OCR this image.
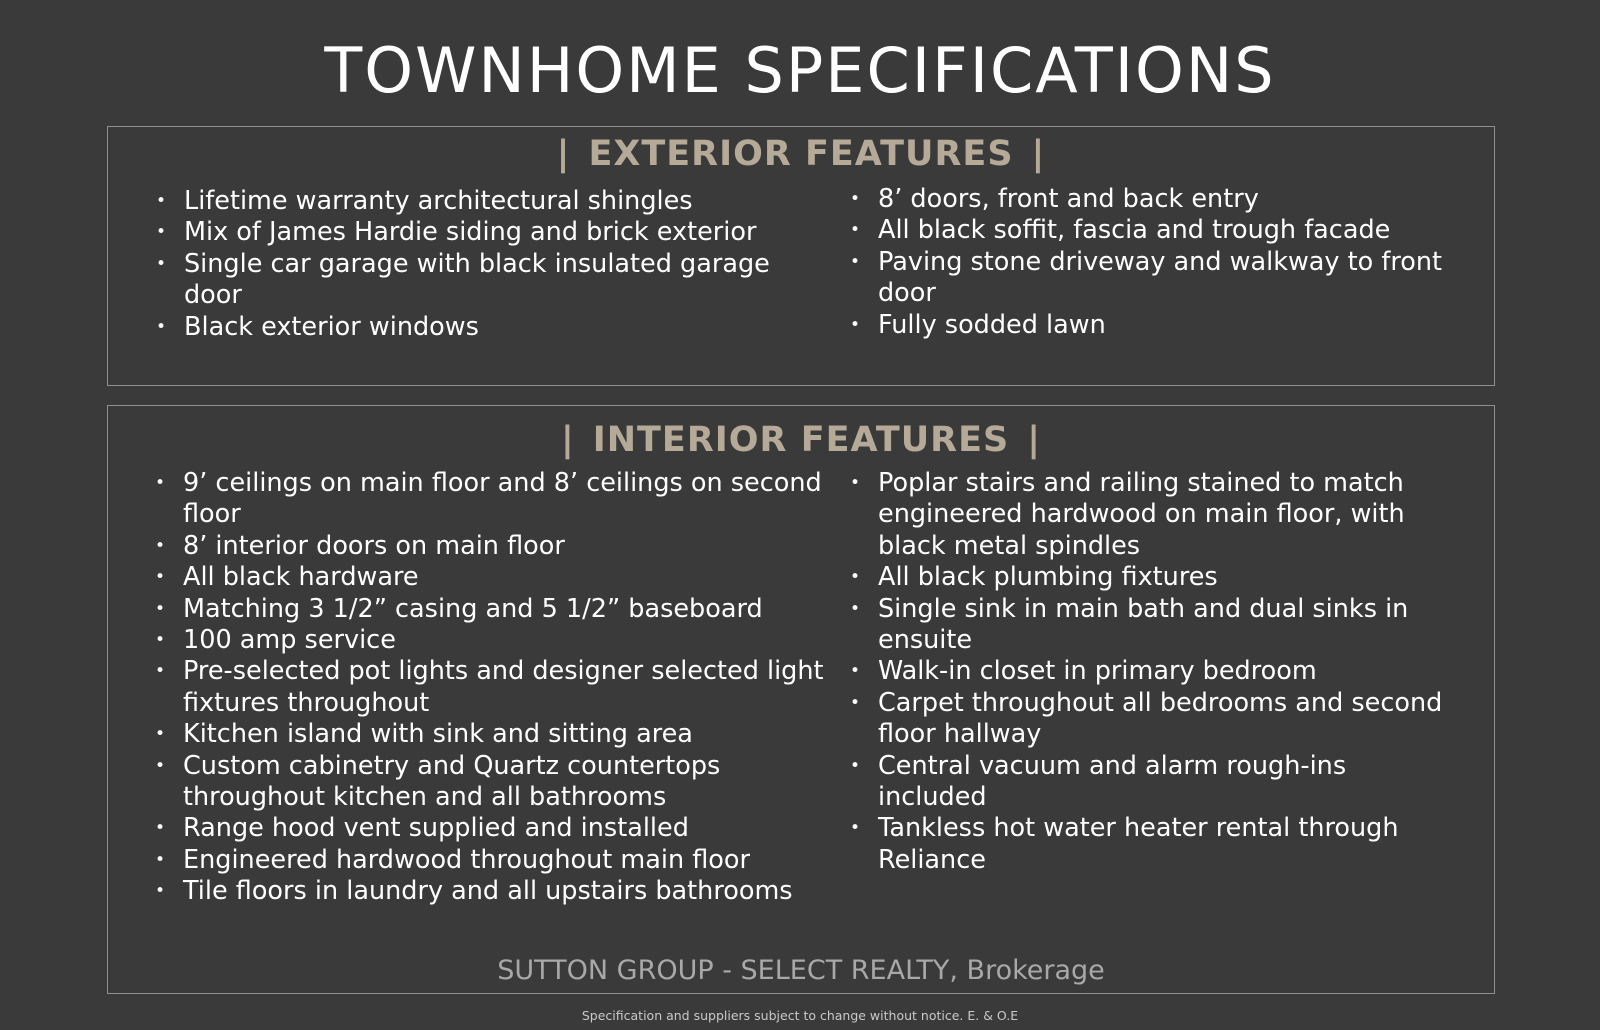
TOWNHOME SPECIFICATIONS
| EXTERIOR FEATURES |
• Lifetime warranty architectural shingles
• Mix of James Hardie siding and brick exterior
• Single car garage with black insulated garage door
• Black exterior windows
• 8’ doors, front and back entry
• All black soffit, fascia and trough facade
• Paving stone driveway and walkway to front door
• Fully sodded lawn
| INTERIOR FEATURES |
• 9’ ceilings on main floor and 8’ ceilings on second floor
• 8’ interior doors on main floor
• All black hardware
• Matching 3 1/2” casing and 5 1/2” baseboard
• 100 amp service
• Pre-selected pot lights and designer selected light fixtures throughout
• Kitchen island with sink and sitting area
• Custom cabinetry and Quartz countertops throughout kitchen and all bathrooms
• Range hood vent supplied and installed
• Engineered hardwood throughout main floor
• Tile floors in laundry and all upstairs bathrooms
• Poplar stairs and railing stained to match engineered hardwood on main floor, with black metal spindles
• All black plumbing fixtures
• Single sink in main bath and dual sinks in ensuite
• Walk-in closet in primary bedroom
• Carpet throughout all bedrooms and second floor hallway
• Central vacuum and alarm rough-ins included
• Tankless hot water heater rental through Reliance
SUTTON GROUP - SELECT REALTY, Brokerage
Specification and suppliers subject to change without notice. E. & O.E
